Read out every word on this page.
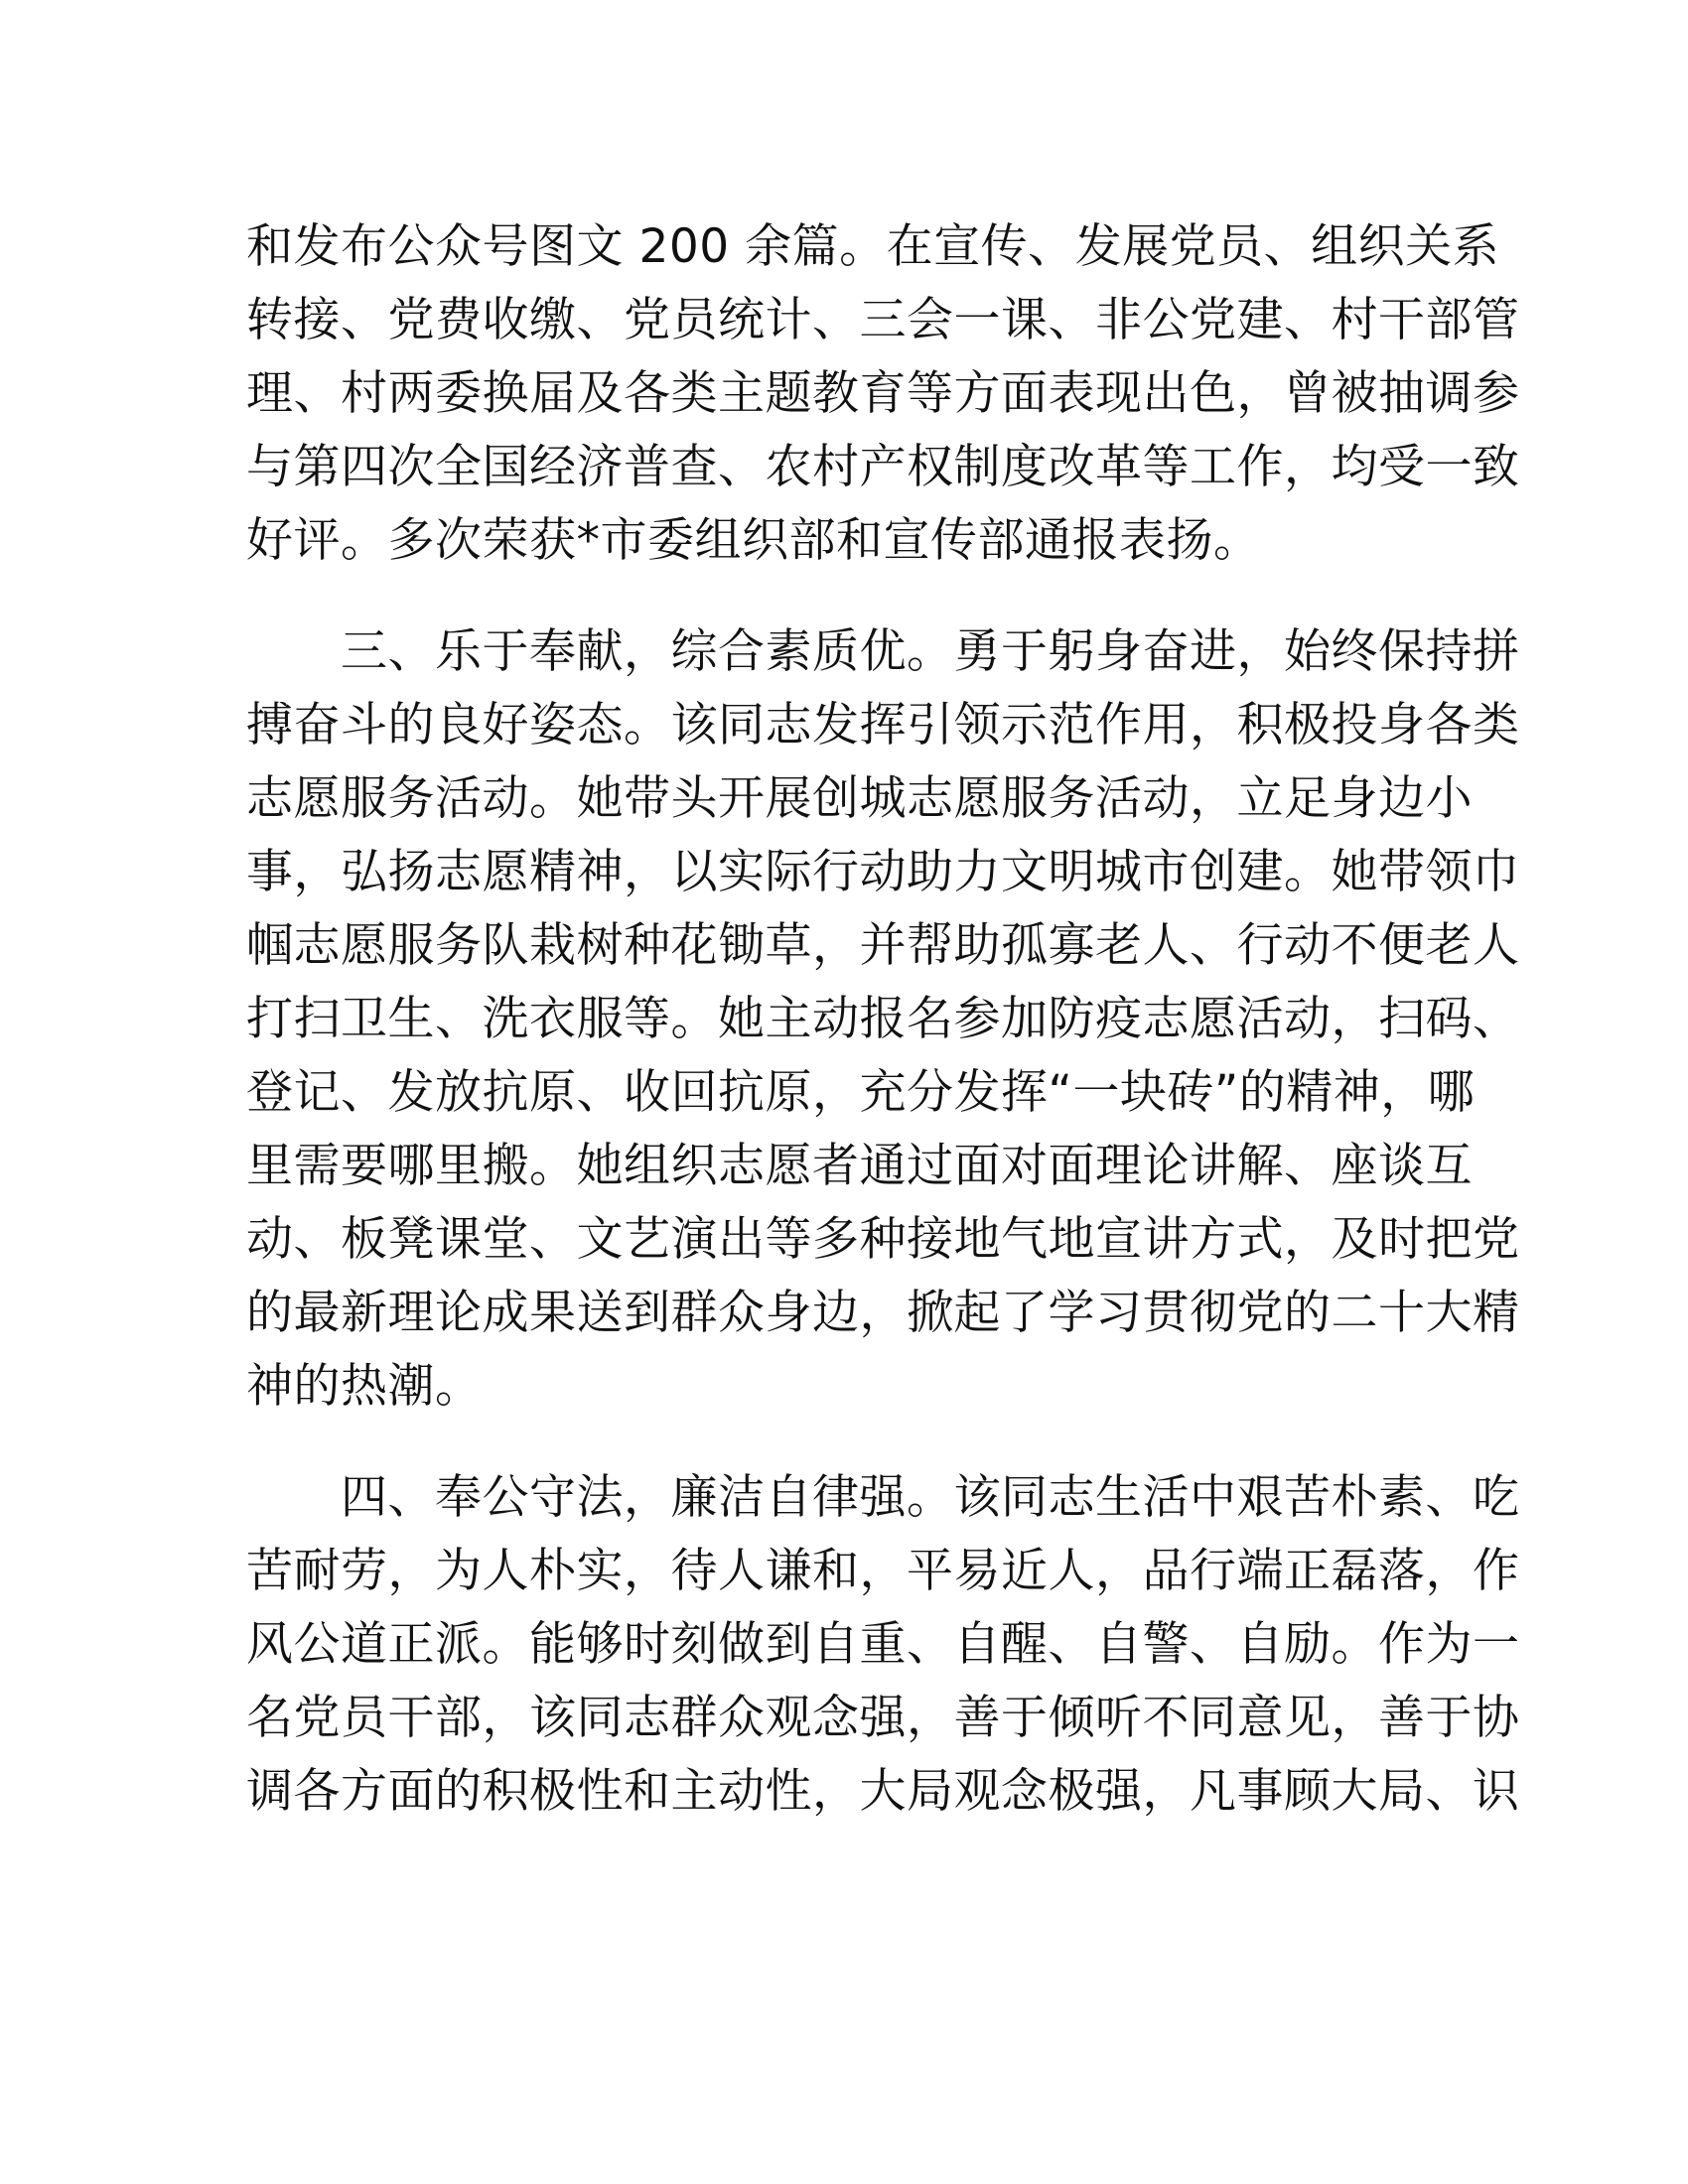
和发布公众号图文 200 余篇。在宣传、发展党员、组织关系
转接、党费收缴、党员统计、三会一课、非公党建、村干部管
理、村两委换届及各类主题教育等方面表现出色，曾被抽调参
与第四次全国经济普查、农村产权制度改革等工作，均受一致
好评。多次荣获*市委组织部和宣传部通报表扬。
　　三、乐于奉献，综合素质优。勇于躬身奋进，始终保持拼
搏奋斗的良好姿态。该同志发挥引领示范作用，积极投身各类
志愿服务活动。她带头开展创城志愿服务活动，立足身边小
事，弘扬志愿精神，以实际行动助力文明城市创建。她带领巾
帼志愿服务队栽树种花锄草，并帮助孤寡老人、行动不便老人
打扫卫生、洗衣服等。她主动报名参加防疫志愿活动，扫码、
登记、发放抗原、收回抗原，充分发挥“一块砖”的精神，哪
里需要哪里搬。她组织志愿者通过面对面理论讲解、座谈互
动、板凳课堂、文艺演出等多种接地气地宣讲方式，及时把党
的最新理论成果送到群众身边，掀起了学习贯彻党的二十大精
神的热潮。
　　四、奉公守法，廉洁自律强。该同志生活中艰苦朴素、吃
苦耐劳，为人朴实，待人谦和，平易近人，品行端正磊落，作
风公道正派。能够时刻做到自重、自醒、自警、自励。作为一
名党员干部，该同志群众观念强，善于倾听不同意见，善于协
调各方面的积极性和主动性，大局观念极强，凡事顾大局、识
